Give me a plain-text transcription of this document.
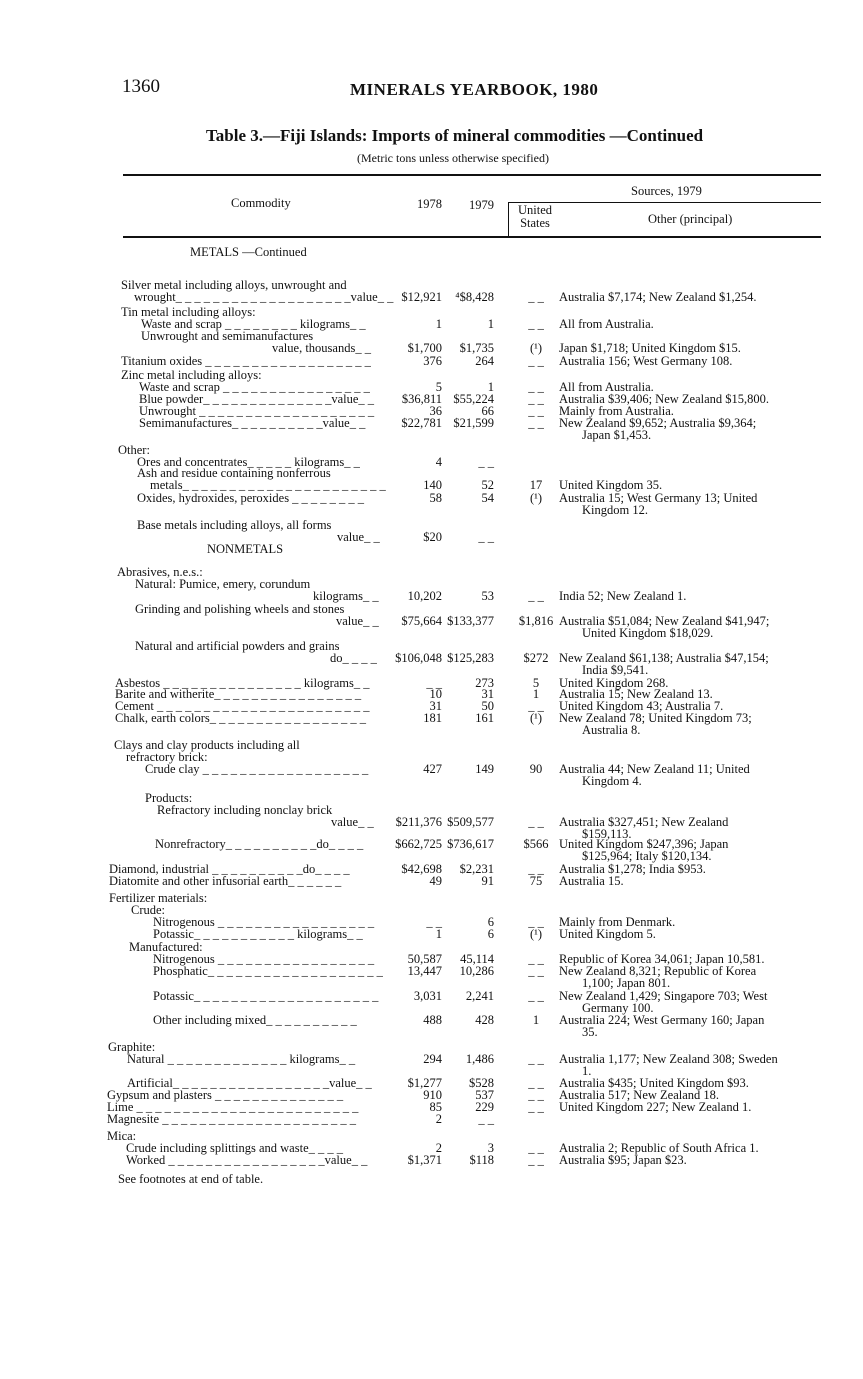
1360	MINERALS YEARBOOK, 1980
Table 3.—Fiji Islands: Imports of mineral commodities —Continued
(Metric tons unless otherwise specified)
Commodity	1978 1979
Sources, 1979
United
States	Other (principal)
METALS —Continued
NONMETALS
Silver metal including alloys, unwrought and
wrought_ _ _ _ _ _ _ _ _ _ _ _ _ _ _ _ _ _ _value_ _ $12,921 ⁴$8,428	_ _	Australia $7,174; New Zealand $1,254.
Tin metal including alloys:
Waste and scrap _ _ _ _ _ _ _ _ kilograms_ _	1	1	_ _	All from Australia.
Unwrought and semimanufactures
value, thousands_ _	$1,700 $1,735	(¹)	Japan $1,718; United Kingdom $15.
Titanium oxides _ _ _ _ _ _ _ _ _ _ _ _ _ _ _ _ _ _	376	264	_ _	Australia 156; West Germany 108.
Zinc metal including alloys:
Waste and scrap _ _ _ _ _ _ _ _ _ _ _ _ _ _ _ _	5	1	_ _	All from Australia.
Blue powder_ _ _ _ _ _ _ _ _ _ _ _ _ _value_ _ $36,811 $55,224	_ _	Australia $39,406; New Zealand $15,800.
Unwrought _ _ _ _ _ _ _ _ _ _ _ _ _ _ _ _ _ _ _	36	66	_ _	Mainly from Australia.
Semimanufactures_ _ _ _ _ _ _ _ _ _value_ _	$22,781 $21,599	_ _	New Zealand $9,652; Australia $9,364;
Japan $1,453.
Other:
Ores and concentrates_ _ _ _ _ kilograms_ _	4	_ _
Ash and residue containing nonferrous
metals_ _ _ _ _ _ _ _ _ _ _ _ _ _ _ _ _ _ _ _ _ _	140	52	17	United Kingdom 35.
Oxides, hydroxides, peroxides _ _ _ _ _ _ _ _	58	54	(¹)	Australia 15; West Germany 13; United
Kingdom 12.
Base metals including alloys, all forms
value_ _	$20	_ _
Abrasives, n.e.s.:
Natural: Pumice, emery, corundum
kilograms_ _ 10,202	53	_ _	India 52; New Zealand 1.
Grinding and polishing wheels and stones
value_ _ $75,664 $133,377	$1,816 Australia $51,084; New Zealand $41,947;
United Kingdom $18,029.
Natural and artificial powders and grains
do_ _ _ _ $106,048 $125,283	$272 New Zealand $61,138; Australia $47,154;
India $9,541.
Asbestos _ _ _ _ _ _ _ _ _ _ _ _ _ _ _ kilograms_ _	_ _	273	5	United Kingdom 268.
Barite and witherite_ _ _ _ _ _ _ _ _ _ _ _ _ _ _ _	10	31	1	Australia 15; New Zealand 13.
Cement _ _ _ _ _ _ _ _ _ _ _ _ _ _ _ _ _ _ _ _ _ _ _	31	50	_ _	United Kingdom 43; Australia 7.
Chalk, earth colors_ _ _ _ _ _ _ _ _ _ _ _ _ _ _ _ _	181	161	(¹)	New Zealand 78; United Kingdom 73;
Australia 8.
Clays and clay products including all
refractory brick:
Crude clay _ _ _ _ _ _ _ _ _ _ _ _ _ _ _ _ _ _	427	149	90	Australia 44; New Zealand 11; United
Kingdom 4.
Products:
Refractory including nonclay brick
value_ _ $211,376 $509,577	_ _	Australia $327,451; New Zealand
$159,113.
Nonrefractory_ _ _ _ _ _ _ _ _ _do_ _ _ _	$662,725 $736,617	$566 United Kingdom $247,396; Japan
$125,964; Italy $120,134.
Diamond, industrial _ _ _ _ _ _ _ _ _ _do_ _ _ _	$42,698 $2,231	_ _	Australia $1,278; India $953.
Diatomite and other infusorial earth_ _ _ _ _ _	49	91	75	Australia 15.
Fertilizer materials:
Crude:
Nitrogenous _ _ _ _ _ _ _ _ _ _ _ _ _ _ _ _ _	_ _	6	_ _	Mainly from Denmark.
Potassic_ _ _ _ _ _ _ _ _ _ _ kilograms_ _	1	6	(¹)	United Kingdom 5.
Manufactured:
Nitrogenous _ _ _ _ _ _ _ _ _ _ _ _ _ _ _ _ _	50,587 45,114	_ _	Republic of Korea 34,061; Japan 10,581.
Phosphatic_ _ _ _ _ _ _ _ _ _ _ _ _ _ _ _ _ _ _ 13,447 10,286	_ _	New Zealand 8,321; Republic of Korea
1,100; Japan 801.
Potassic_ _ _ _ _ _ _ _ _ _ _ _ _ _ _ _ _ _ _ _	3,031 2,241	_ _	New Zealand 1,429; Singapore 703; West
Germany 100.
Other including mixed_ _ _ _ _ _ _ _ _ _	488	428	1	Australia 224; West Germany 160; Japan
35.
Graphite:
Natural _ _ _ _ _ _ _ _ _ _ _ _ _ kilograms_ _	294 1,486	_ _	Australia 1,177; New Zealand 308; Sweden
1.
Artificial_ _ _ _ _ _ _ _ _ _ _ _ _ _ _ _ _value_ _	$1,277 $528	_ _	Australia $435; United Kingdom $93.
Gypsum and plasters _ _ _ _ _ _ _ _ _ _ _ _ _ _	910	537	_ _	Australia 517; New Zealand 18.
Lime _ _ _ _ _ _ _ _ _ _ _ _ _ _ _ _ _ _ _ _ _ _ _ _	85	229	_ _	United Kingdom 227; New Zealand 1.
Magnesite _ _ _ _ _ _ _ _ _ _ _ _ _ _ _ _ _ _ _ _ _	2	_ _
Mica:
Crude including splittings and waste_ _ _ _	2	3	_ _	Australia 2; Republic of South Africa 1.
Worked _ _ _ _ _ _ _ _ _ _ _ _ _ _ _ _ _value_ _	$1,371 $118	_ _	Australia $95; Japan $23.
See footnotes at end of table.
